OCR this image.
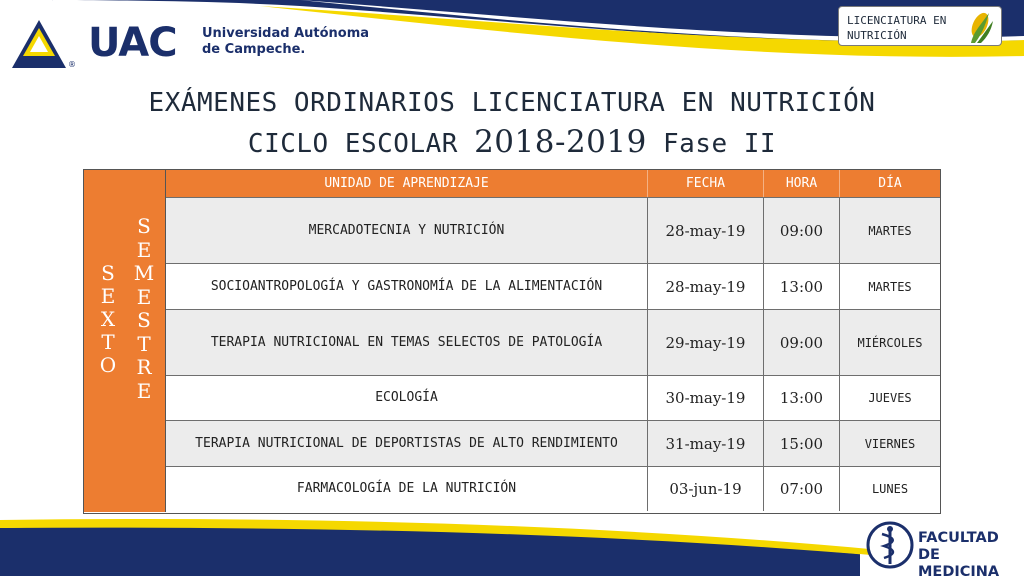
UAC
®
Universidad Autónoma
de Campeche.
LICENCIATURA EN
NUTRICIÓN
EXÁMENES ORDINARIOS LICENCIATURA EN NUTRICIÓN
CICLO ESCOLAR 2018-2019 Fase II
S
E
X
T
O
S
E
M
E
S
T
R
E
UNIDAD DE APRENDIZAJE	FECHA	HORA	DÍA
MERCADOTECNIA Y NUTRICIÓN	28-may-19	09:00	MARTES
SOCIOANTROPOLOGÍA Y GASTRONOMÍA DE LA ALIMENTACIÓN	28-may-19	13:00	MARTES
TERAPIA NUTRICIONAL EN TEMAS SELECTOS DE PATOLOGÍA	29-may-19	09:00	MIÉRCOLES
ECOLOGÍA	30-may-19	13:00	JUEVES
TERAPIA NUTRICIONAL DE DEPORTISTAS DE ALTO RENDIMIENTO	31-may-19	15:00	VIERNES
FARMACOLOGÍA DE LA NUTRICIÓN	03-jun-19	07:00	LUNES
FACULTAD DE
MEDICINA
